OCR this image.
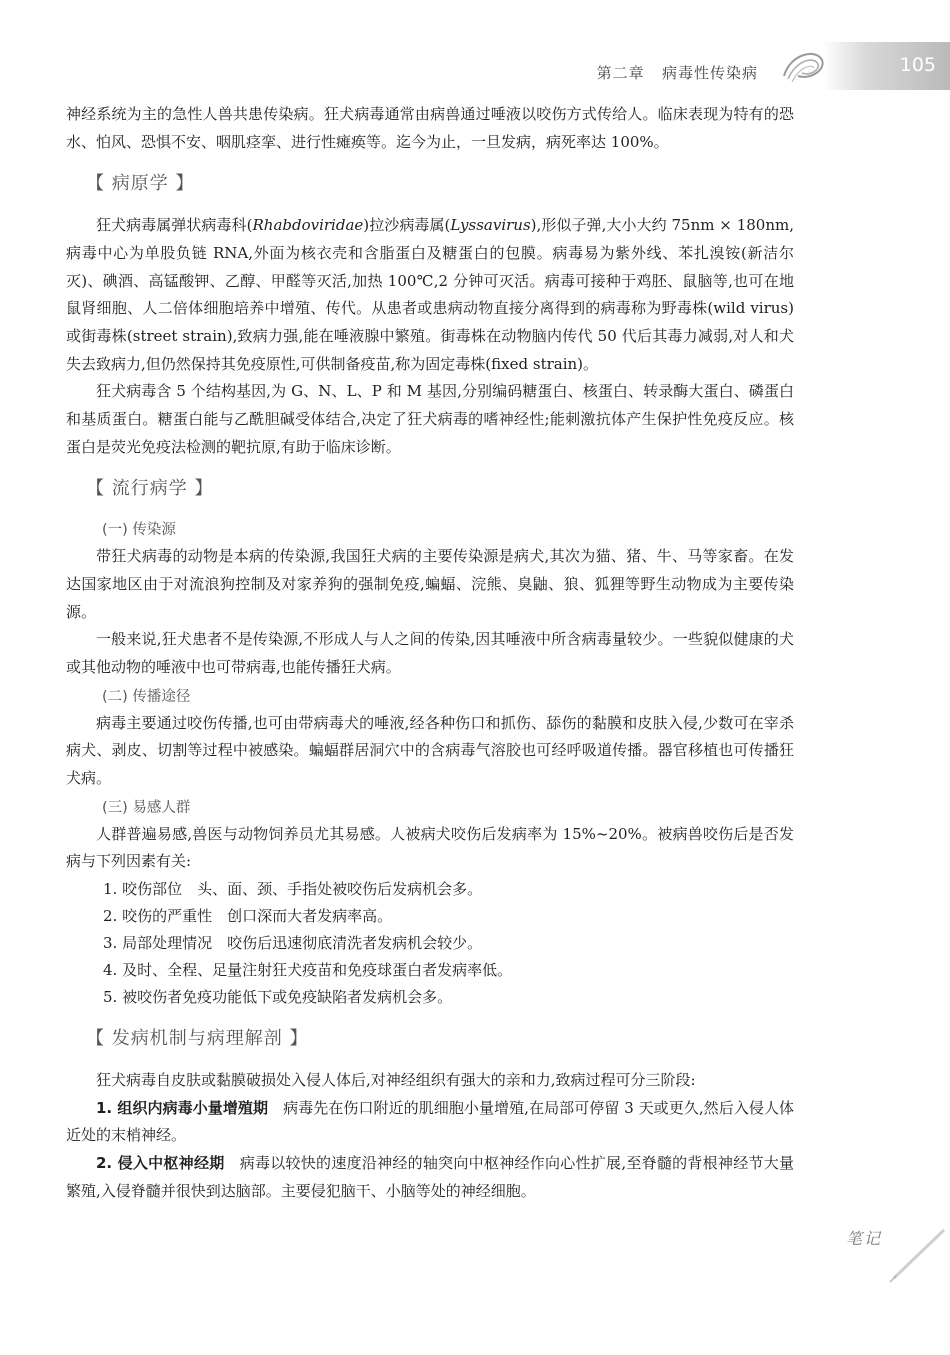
第二章 病毒性传染病	105

神经系统为主的急性人兽共患传染病。狂犬病毒通常由病兽通过唾液以咬伤方式传给人。临床表现为特有的恐水、怕风、恐惧不安、咽肌痉挛、进行性瘫痪等。迄今为止，一旦发病，病死率达 100%。

【 病原学 】

狂犬病毒属弹状病毒科(Rhabdoviridae)拉沙病毒属(Lyssavirus),形似子弹,大小大约 75nm × 180nm,病毒中心为单股负链 RNA,外面为核衣壳和含脂蛋白及糖蛋白的包膜。病毒易为紫外线、苯扎溴铵(新洁尔灭)、碘酒、高锰酸钾、乙醇、甲醛等灭活,加热 100℃,2 分钟可灭活。病毒可接种于鸡胚、鼠脑等,也可在地鼠肾细胞、人二倍体细胞培养中增殖、传代。从患者或患病动物直接分离得到的病毒称为野毒株(wild virus)或街毒株(street strain),致病力强,能在唾液腺中繁殖。街毒株在动物脑内传代 50 代后其毒力减弱,对人和犬失去致病力,但仍然保持其免疫原性,可供制备疫苗,称为固定毒株(fixed strain)。

狂犬病毒含 5 个结构基因,为 G、N、L、P 和 M 基因,分别编码糖蛋白、核蛋白、转录酶大蛋白、磷蛋白和基质蛋白。糖蛋白能与乙酰胆碱受体结合,决定了狂犬病毒的嗜神经性;能刺激抗体产生保护性免疫反应。核蛋白是荧光免疫法检测的靶抗原,有助于临床诊断。

【 流行病学 】
(一) 传染源

带狂犬病毒的动物是本病的传染源,我国狂犬病的主要传染源是病犬,其次为猫、猪、牛、马等家畜。在发达国家地区由于对流浪狗控制及对家养狗的强制免疫,蝙蝠、浣熊、臭鼬、狼、狐狸等野生动物成为主要传染源。

一般来说,狂犬患者不是传染源,不形成人与人之间的传染,因其唾液中所含病毒量较少。一些貌似健康的犬或其他动物的唾液中也可带病毒,也能传播狂犬病。

(二) 传播途径

病毒主要通过咬伤传播,也可由带病毒犬的唾液,经各种伤口和抓伤、舔伤的黏膜和皮肤入侵,少数可在宰杀病犬、剥皮、切割等过程中被感染。蝙蝠群居洞穴中的含病毒气溶胶也可经呼吸道传播。器官移植也可传播狂犬病。

(三) 易感人群

人群普遍易感,兽医与动物饲养员尤其易感。人被病犬咬伤后发病率为 15%~20%。被病兽咬伤后是否发病与下列因素有关:

1. 咬伤部位　头、面、颈、手指处被咬伤后发病机会多。

2. 咬伤的严重性　创口深而大者发病率高。

3. 局部处理情况　咬伤后迅速彻底清洗者发病机会较少。

4. 及时、全程、足量注射狂犬疫苗和免疫球蛋白者发病率低。

5. 被咬伤者免疫功能低下或免疫缺陷者发病机会多。

【 发病机制与病理解剖 】

狂犬病毒自皮肤或黏膜破损处入侵人体后,对神经组织有强大的亲和力,致病过程可分三阶段:

1. 组织内病毒小量增殖期　病毒先在伤口附近的肌细胞小量增殖,在局部可停留 3 天或更久,然后入侵人体近处的末梢神经。

2. 侵入中枢神经期　病毒以较快的速度沿神经的轴突向中枢神经作向心性扩展,至脊髓的背根神经节大量繁殖,入侵脊髓并很快到达脑部。主要侵犯脑干、小脑等处的神经细胞。

笔记
